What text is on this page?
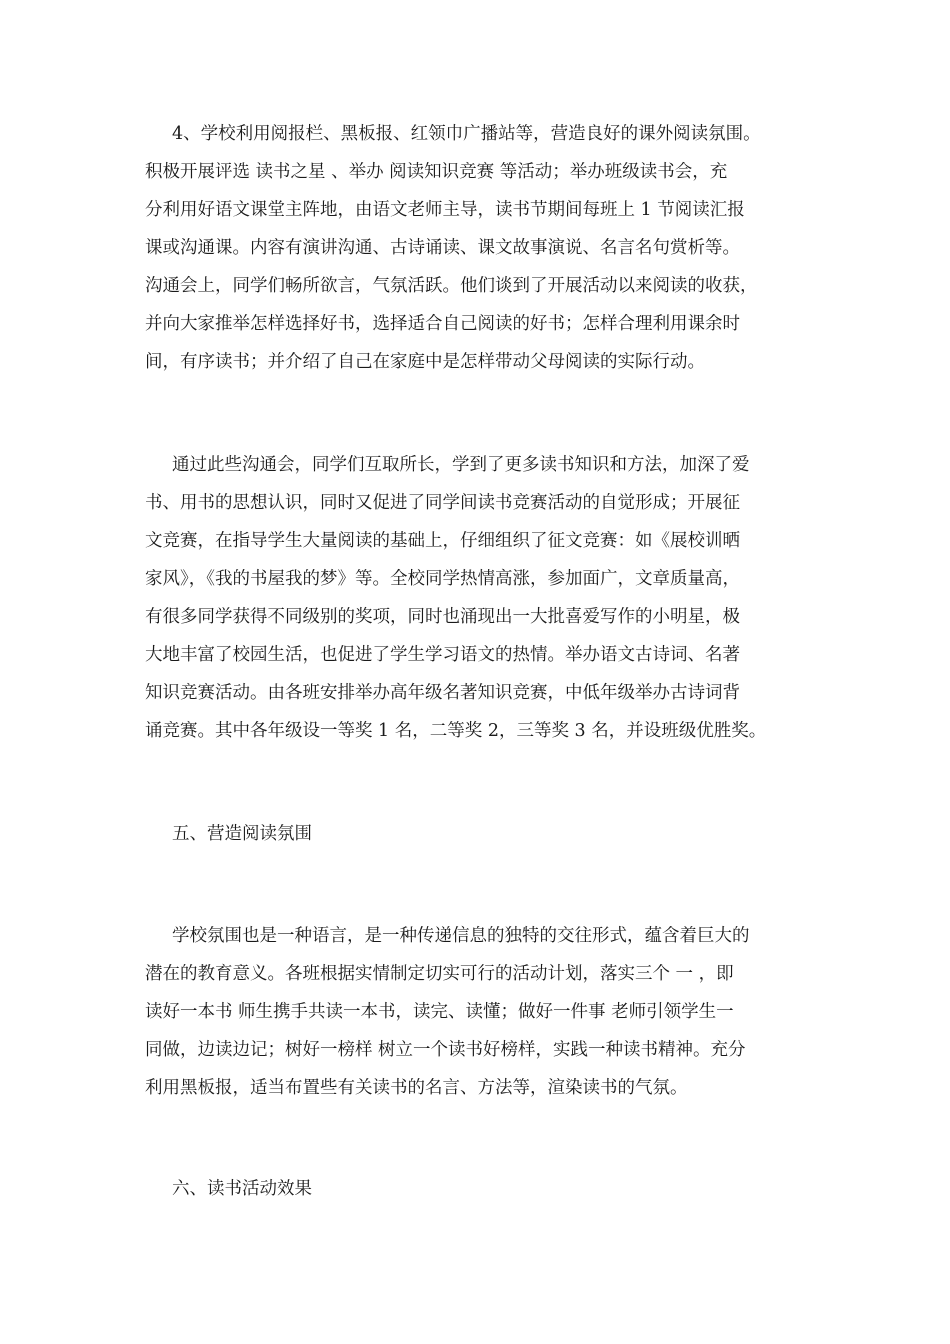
4、学校利用阅报栏、黑板报、红领巾广播站等，营造良好的课外阅读氛围。
积极开展评选 读书之星 、举办 阅读知识竞赛 等活动；举办班级读书会，充
分利用好语文课堂主阵地，由语文老师主导，读书节期间每班上 1 节阅读汇报
课或沟通课。内容有演讲沟通、古诗诵读、课文故事演说、名言名句赏析等。
沟通会上，同学们畅所欲言，气氛活跃。他们谈到了开展活动以来阅读的收获，
并向大家推举怎样选择好书，选择适合自己阅读的好书；怎样合理利用课余时
间，有序读书；并介绍了自己在家庭中是怎样带动父母阅读的实际行动。
通过此些沟通会，同学们互取所长，学到了更多读书知识和方法，加深了爱
书、用书的思想认识，同时又促进了同学间读书竞赛活动的自觉形成；开展征
文竞赛，在指导学生大量阅读的基础上，仔细组织了征文竞赛：如《展校训晒
家风》，《我的书屋我的梦》等。全校同学热情高涨，参加面广，文章质量高，
有很多同学获得不同级别的奖项，同时也涌现出一大批喜爱写作的小明星，极
大地丰富了校园生活，也促进了学生学习语文的热情。举办语文古诗词、名著
知识竞赛活动。由各班安排举办高年级名著知识竞赛，中低年级举办古诗词背
诵竞赛。其中各年级设一等奖 1 名，二等奖 2，三等奖 3 名，并设班级优胜奖。
五、营造阅读氛围
学校氛围也是一种语言，是一种传递信息的独特的交往形式，蕴含着巨大的
潜在的教育意义。各班根据实情制定切实可行的活动计划，落实三个 一 ，即
读好一本书 师生携手共读一本书，读完、读懂；做好一件事 老师引领学生一
同做，边读边记；树好一榜样 树立一个读书好榜样，实践一种读书精神。充分
利用黑板报，适当布置些有关读书的名言、方法等，渲染读书的气氛。
六、读书活动效果
